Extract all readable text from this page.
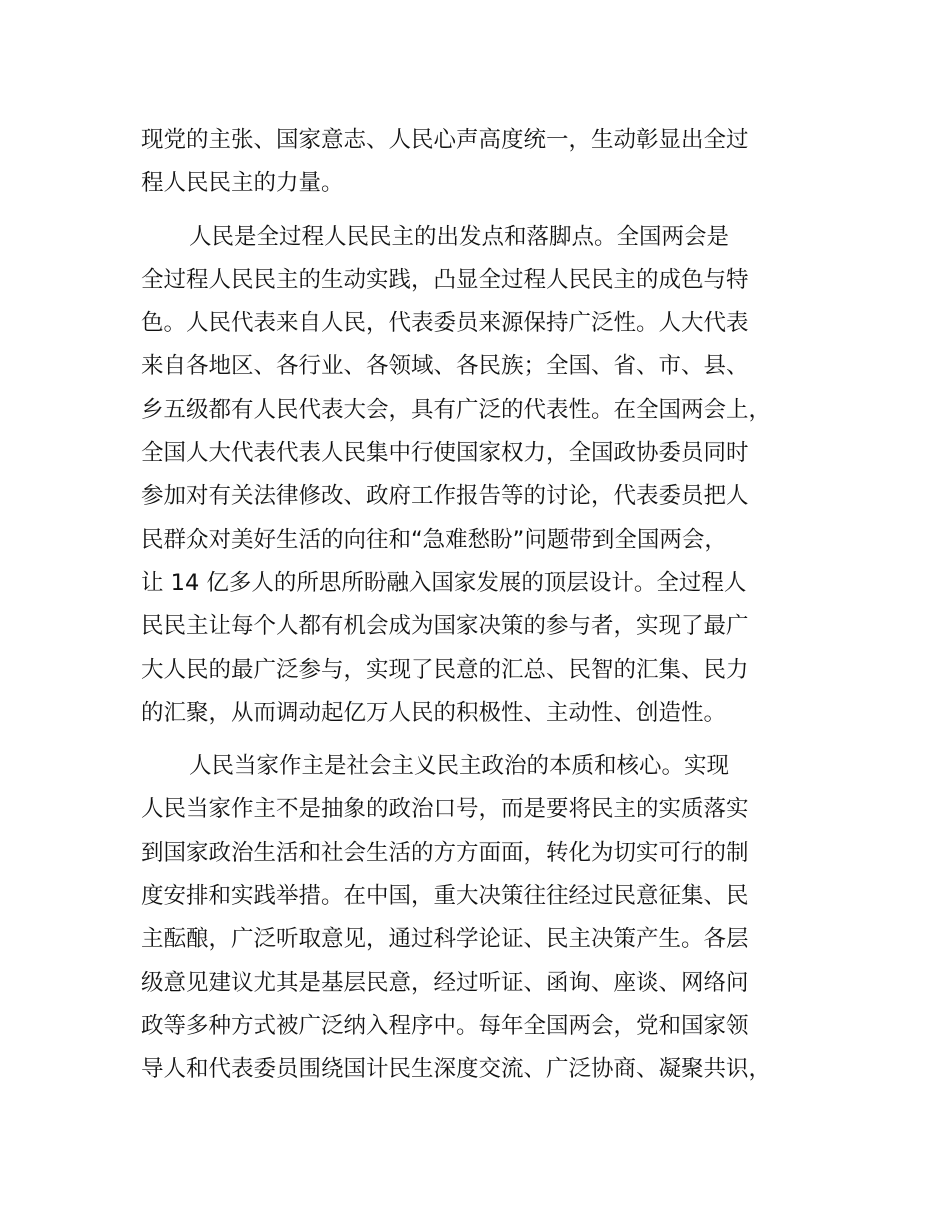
现党的主张、国家意志、人民心声高度统一，生动彰显出全过
程人民民主的力量。

人民是全过程人民民主的出发点和落脚点。全国两会是
全过程人民民主的生动实践，凸显全过程人民民主的成色与特
色。人民代表来自人民，代表委员来源保持广泛性。人大代表
来自各地区、各行业、各领域、各民族；全国、省、市、县、
乡五级都有人民代表大会，具有广泛的代表性。在全国两会上，
全国人大代表代表人民集中行使国家权力，全国政协委员同时
参加对有关法律修改、政府工作报告等的讨论，代表委员把人
民群众对美好生活的向往和“急难愁盼”问题带到全国两会，
让 14 亿多人的所思所盼融入国家发展的顶层设计。全过程人
民民主让每个人都有机会成为国家决策的参与者，实现了最广
大人民的最广泛参与，实现了民意的汇总、民智的汇集、民力
的汇聚，从而调动起亿万人民的积极性、主动性、创造性。

人民当家作主是社会主义民主政治的本质和核心。实现
人民当家作主不是抽象的政治口号，而是要将民主的实质落实
到国家政治生活和社会生活的方方面面，转化为切实可行的制
度安排和实践举措。在中国，重大决策往往经过民意征集、民
主酝酿，广泛听取意见，通过科学论证、民主决策产生。各层
级意见建议尤其是基层民意，经过听证、函询、座谈、网络问
政等多种方式被广泛纳入程序中。每年全国两会，党和国家领
导人和代表委员围绕国计民生深度交流、广泛协商、凝聚共识，
